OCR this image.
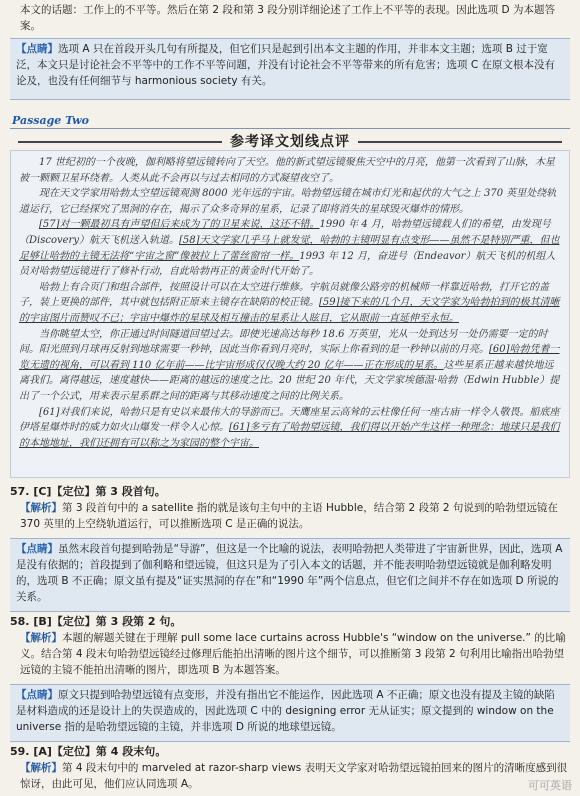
本文的话题：工作上的不平等。然后在第 2 段和第 3 段分别详细论述了工作上不平等的表现。因此选项 D 为本题答案。

【点睛】选项 A 只在首段开头几句有所提及，但它们只是起到引出本文主题的作用，并非本文主题；选项 B 过于宽泛，本文只是讨论社会不平等中的工作不平等问题，并没有讨论社会不平等带来的所有危害；选项 C 在原文根本没有论及，也没有任何细节与 harmonious society 有关。

Passage Two
参考译文划线点评

17 世纪初的一个夜晚，伽利略将望远镜转向了天空。他的新式望远镜聚焦天空中的月亮，他第一次看到了山脉，木星被一颗颗卫星环绕着。人类从此不会再以与过去相同的方式凝望夜空了。

现在天文学家用哈勃太空望远镜观测 8000 光年远的宇宙。哈勃望远镜在城市灯光和起伏的大气之上 370 英里处绕轨道运行，它已经探究了黑洞的存在，揭示了众多奇异的星系，记录了即将消失的星球毁灭爆炸的情形。

[57]对一颗最初具有声望但后来成为了的卫星来说，这还不错。1990 年 4 月，哈勃望远镜载人们的希望，由发现号（Discovery）航天飞机送入轨道。[58]天文学家几乎马上就发觉，哈勃的主镜明显有点变形——虽然不是特别严重，但也足够让哈勃的主镜无法将“宇宙之窗”像被拉上了蕾丝窗帘一样。1993 年 12 月，奋进号（Endeavor）航天飞机的机组人员对哈勃望远镜进行了修补行动，自此哈勃再正的黄金时代开始了。

哈勃上有合页门和组合部件，按照设计可以在太空进行维修。宇航员就像公路旁的机械师一样靠近哈勃，打开它的盖子，装上更换的部件，其中就包括附正原来主镜存在缺陷的校正镜。[59]接下来的几个月，天文学家为哈勃拍到的极其清晰的宇宙图片而赞叹不已；宇宙中爆炸的星球及相互撞击的星系让人眩目，它从眼前一直延伸至永恒。

当你眺望太空，你正通过时间隧道回望过去。即使光速高达每秒 18.6 万英里，光从一处到达另一处仍需要一定的时间。阳光照到月球再反射到地球需要一秒钟，因此当你看到月亮时，实际上你看到的是一秒钟以前的月亮。[60]哈勃凭着一览无遗的视角，可以看到 110 亿年前——比宇宙形成仅仅晚大约 20 亿年——正在形成的星系。这些星系正越来越快地远离我们。离得越远，速度越快——距离的越远的速度之比。20 世纪 20 年代，天文学家埃德温·哈勃（Edwin Hubble）提出了一个公式，用来表示星系群之间的距离与其移动速度之间的比例关系。

[61]对我们来说，哈勃只是有史以来最伟大的导游而已。天鹰座星云高耸的云柱像任何一座古庙一样令人敬畏。船底座伊塔星爆炸时的威力如火山爆发一样令人心惊。[61]多亏有了哈勃望远镜，我们得以开始产生这样一种理念：地球只是我们的本地地址，我们还拥有可以称之为家园的整个宇宙。

57. [C]【定位】第 3 段首句。

【解析】第 3 段首句中的 a satellite 指的就是该句主句中的主语 Hubble，结合第 2 段第 2 句说到的哈勃望远镜在 370 英里的上空绕轨道运行，可以推断选项 C 是正确的说法。

【点睛】虽然末段首句提到哈勃是“导游”，但这是一个比喻的说法，表明哈勃把人类带进了宇宙新世界，因此，选项 A 是没有依据的；首段提到了伽利略和望远镜，但这只是为了引入本文的话题，并不能表明哈勃望远镜就是伽利略发明的，选项 B 不正确；原文虽有提及“证实黑洞的存在”和“1990 年”两个信息点，但它们之间并不存在如选项 D 所说的关系。

58. [B]【定位】第 3 段第 2 句。

【解析】本题的解题关键在于理解 pull some lace curtains across Hubble's “window on the universe.” 的比喻义。结合第 4 段末句哈勃望远镜经过修理后能拍出清晰的图片这个细节，可以推断第 3 段第 2 句利用比喻指出哈勃望远镜的主镜不能拍出清晰的图片，即选项 B 为本题答案。

【点睛】原文只提到哈勃望远镜有点变形，并没有指出它不能运作，因此选项 A 不正确；原文也没有提及主镜的缺陷是材料造成的还是设计上的失误造成的，因此选项 C 中的 designing error 无从证实；原文提到的 window on the universe 指的是哈勃望远镜的主镜，并非选项 D 所说的地球望远镜。

59. [A]【定位】第 4 段末句。

【解析】第 4 段末句中的 marveled at razor-sharp views 表明天文学家对哈勃望远镜拍回来的图片的清晰度感到很惊讶，由此可见，他们应认同选项 A。	可可英语
